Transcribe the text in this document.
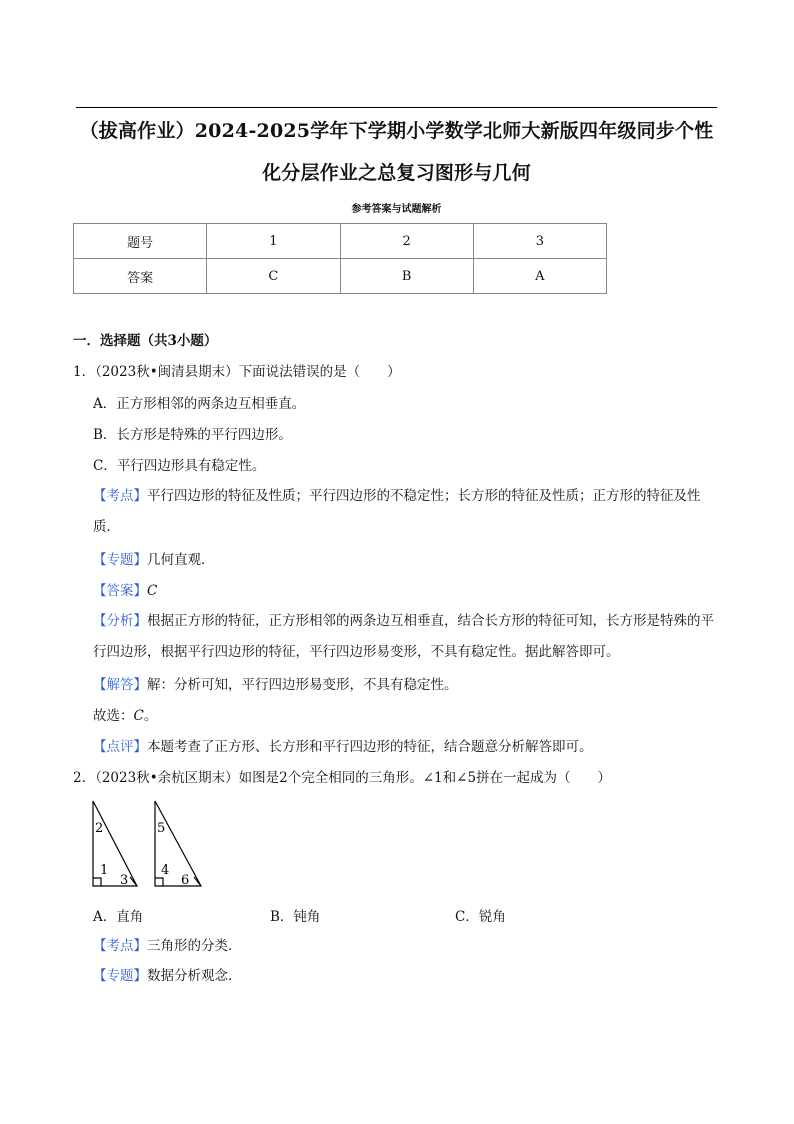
（拔高作业）2024-2025学年下学期小学数学北师大新版四年级同步个性
化分层作业之总复习图形与几何
参考答案与试题解析
题号	1	2	3
答案	C	B	A
一．选择题（共3小题）
1．（2023秋•闽清县期末）下面说法错误的是（　　）
A．正方形相邻的两条边互相垂直。
B．长方形是特殊的平行四边形。
C．平行四边形具有稳定性。
【考点】平行四边形的特征及性质；平行四边形的不稳定性；长方形的特征及性质；正方形的特征及性质．
【专题】几何直观．
【答案】C
【分析】根据正方形的特征，正方形相邻的两条边互相垂直，结合长方形的特征可知，长方形是特殊的平行四边形，根据平行四边形的特征，平行四边形易变形，不具有稳定性。据此解答即可。
【解答】解：分析可知，平行四边形易变形，不具有稳定性。
故选：C。
【点评】本题考查了正方形、长方形和平行四边形的特征，结合题意分析解答即可。
2．（2023秋•余杭区期末）如图是2个完全相同的三角形。∠1和∠5拼在一起成为（　　）
2
1
3
5
4
6
A．直角	B．钝角	C．锐角
【考点】三角形的分类．
【专题】数据分析观念．
